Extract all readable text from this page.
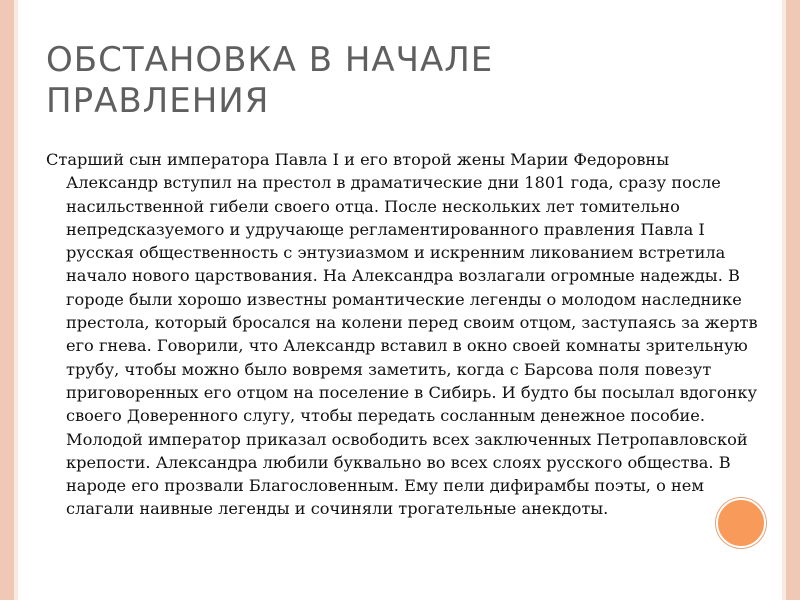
ОБСТАНОВКА В НАЧАЛЕ ПРАВЛЕНИЯ

Старший сын императора Павла I и его второй жены Марии Федоровны Александр вступил на престол в драматические дни 1801 года, сразу после насильственной гибели своего отца. После нескольких лет томительно непредсказуемого и удручающе регламентированного правления Павла I русская общественность с энтузиазмом и искренним ликованием встретила начало нового царствования. На Александра возлагали огромные надежды. В городе были хорошо известны романтические легенды о молодом наследнике престола, который бросался на колени перед своим отцом, заступаясь за жертв его гнева. Говорили, что Александр вставил в окно своей комнаты зрительную трубу, чтобы можно было вовремя заметить, когда с Барсова поля повезут приговоренных его отцом на поселение в Сибирь. И будто бы посылал вдогонку своего Доверенного слугу, чтобы передать сосланным денежное пособие. Молодой император приказал освободить всех заключенных Петропавловской крепости. Александра любили буквально во всех слоях русского общества. В народе его прозвали Благословенным. Ему пели дифирамбы поэты, о нем слагали наивные легенды и сочиняли трогательные анекдоты.
